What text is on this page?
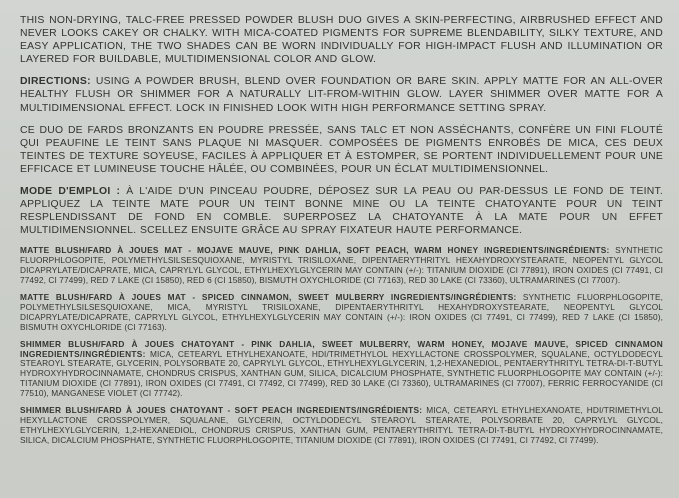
THIS NON-DRYING, TALC-FREE PRESSED POWDER BLUSH DUO GIVES A SKIN-PERFECTING, AIRBRUSHED EFFECT AND NEVER LOOKS CAKEY OR CHALKY. WITH MICA-COATED PIGMENTS FOR SUPREME BLENDABILITY, SILKY TEXTURE, AND EASY APPLICATION, THE TWO SHADES CAN BE WORN INDIVIDUALLY FOR HIGH-IMPACT FLUSH AND ILLUMINATION OR LAYERED FOR BUILDABLE, MULTIDIMENSIONAL COLOR AND GLOW.
DIRECTIONS: USING A POWDER BRUSH, BLEND OVER FOUNDATION OR BARE SKIN. APPLY MATTE FOR AN ALL-OVER HEALTHY FLUSH OR SHIMMER FOR A NATURALLY LIT-FROM-WITHIN GLOW. LAYER SHIMMER OVER MATTE FOR A MULTIDIMENSIONAL EFFECT. LOCK IN FINISHED LOOK WITH HIGH PERFORMANCE SETTING SPRAY.
CE DUO DE FARDS BRONZANTS EN POUDRE PRESSÉE, SANS TALC ET NON ASSÉCHANTS, CONFÈRE UN FINI FLOUTÉ QUI PEAUFINE LE TEINT SANS PLAQUE NI MASQUER. COMPOSÉES DE PIGMENTS ENROBÉS DE MICA, CES DEUX TEINTES DE TEXTURE SOYEUSE, FACILES À APPLIQUER ET À ESTOMPER, SE PORTENT INDIVIDUELLEMENT POUR UNE EFFICACE ET LUMINEUSE TOUCHE HÂLÉE, OU COMBINÉES, POUR UN ÉCLAT MULTIDIMENSIONNEL.
MODE D'EMPLOI : À L'AIDE D'UN PINCEAU POUDRE, DÉPOSEZ SUR LA PEAU OU PAR-DESSUS LE FOND DE TEINT. APPLIQUEZ LA TEINTE MATE POUR UN TEINT BONNE MINE OU LA TEINTE CHATOYANTE POUR UN TEINT RESPLENDISSANT DE FOND EN COMBLE. SUPERPOSEZ LA CHATOYANTE À LA MATE POUR UN EFFET MULTIDIMENSIONNEL. SCELLEZ ENSUITE GRÂCE AU SPRAY FIXATEUR HAUTE PERFORMANCE.
MATTE BLUSH/FARD À JOUES MAT - MOJAVE MAUVE, PINK DAHLIA, SOFT PEACH, WARM HONEY INGREDIENTS/INGRÉDIENTS: SYNTHETIC FLUORPHLOGOPITE, POLYMETHYLSILSESQUIOXANE, MYRISTYL TRISILOXANE, DIPENTAERYTHRITYL HEXAHYDROXYSTEARATE, NEOPENTYL GLYCOL DICAPRYLATE/DICAPRATE, MICA, CAPRYLYL GLYCOL, ETHYLHEXYLGLYCERIN MAY CONTAIN (+/-): TITANIUM DIOXIDE (CI 77891), IRON OXIDES (CI 77491, CI 77492, CI 77499), RED 7 LAKE (CI 15850), RED 6 (CI 15850), BISMUTH OXYCHLORIDE (CI 77163), RED 30 LAKE (CI 73360), ULTRAMARINES (CI 77007).
MATTE BLUSH/FARD À JOUES MAT - SPICED CINNAMON, SWEET MULBERRY INGREDIENTS/INGRÉDIENTS: SYNTHETIC FLUORPHLOGOPITE, POLYMETHYLSILSESQUIOXANE, MICA, MYRISTYL TRISILOXANE, DIPENTAERYTHRITYL HEXAHYDROXYSTEARATE, NEOPENTYL GLYCOL DICAPRYLATE/DICAPRATE, CAPRYLYL GLYCOL, ETHYLHEXYLGLYCERIN MAY CONTAIN (+/-): IRON OXIDES (CI 77491, CI 77499), RED 7 LAKE (CI 15850), BISMUTH OXYCHLORIDE (CI 77163).
SHIMMER BLUSH/FARD À JOUES CHATOYANT - PINK DAHLIA, SWEET MULBERRY, WARM HONEY, MOJAVE MAUVE, SPICED CINNAMON INGREDIENTS/INGRÉDIENTS: MICA, CETEARYL ETHYLHEXANOATE, HDI/TRIMETHYLOL HEXYLLACTONE CROSSPOLYMER, SQUALANE, OCTYLDODECYL STEAROYL STEARATE, GLYCERIN, POLYSORBATE 20, CAPRYLYL GLYCOL, ETHYLHEXYLGLYCERIN, 1,2-HEXANEDIOL, PENTAERYTHRITYL TETRA-DI-T-BUTYL HYDROXYHYDROCINNAMATE, CHONDRUS CRISPUS, XANTHAN GUM, SILICA, DICALCIUM PHOSPHATE, SYNTHETIC FLUORPHLOGOPITE MAY CONTAIN (+/-): TITANIUM DIOXIDE (CI 77891), IRON OXIDES (CI 77491, CI 77492, CI 77499), RED 30 LAKE (CI 73360), ULTRAMARINES (CI 77007), FERRIC FERROCYANIDE (CI 77510), MANGANESE VIOLET (CI 77742).
SHIMMER BLUSH/FARD À JOUES CHATOYANT - SOFT PEACH INGREDIENTS/INGRÉDIENTS: MICA, CETEARYL ETHYLHEXANOATE, HDI/TRIMETHYLOL HEXYLLACTONE CROSSPOLYMER, SQUALANE, GLYCERIN, OCTYLDODECYL STEAROYL STEARATE, POLYSORBATE 20, CAPRYLYL GLYCOL, ETHYLHEXYLGLYCERIN, 1,2-HEXANEDIOL, CHONDRUS CRISPUS, XANTHAN GUM, PENTAERYTHRITYL TETRA-DI-T-BUTYL HYDROXYHYDROCINNAMATE, SILICA, DICALCIUM PHOSPHATE, SYNTHETIC FLUORPHLOGOPITE, TITANIUM DIOXIDE (CI 77891), IRON OXIDES (CI 77491, CI 77492, CI 77499).
